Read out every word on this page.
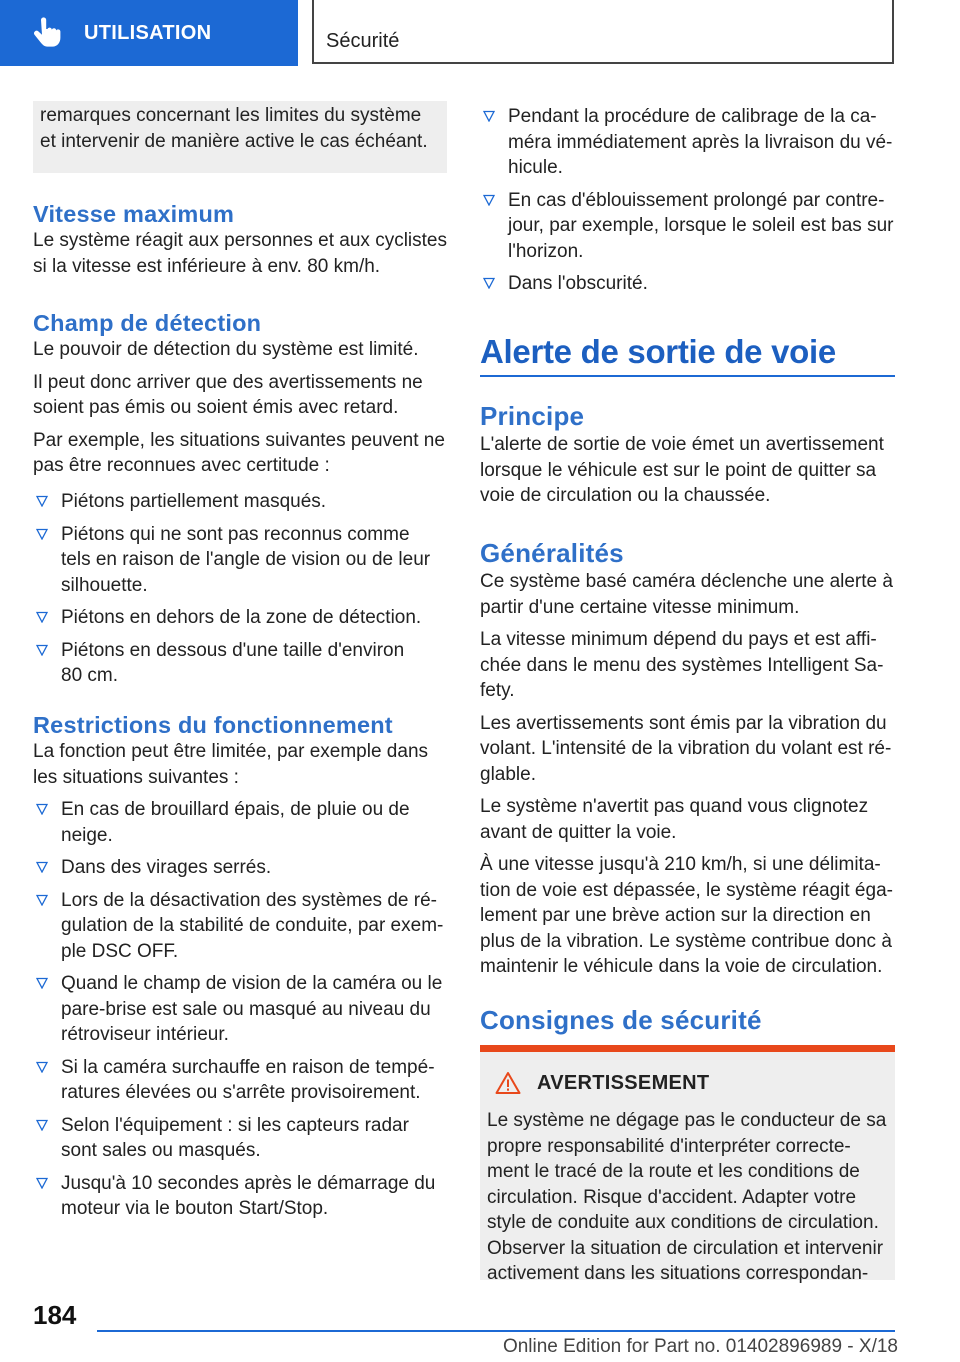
UTILISATION	Sécurité
remarques concernant les limites du système
et intervenir de manière active le cas échéant.
Vitesse maximum
Le système réagit aux personnes et aux cyclistes
si la vitesse est inférieure à env. 80 km/h.
Champ de détection
Le pouvoir de détection du système est limité.
Il peut donc arriver que des avertissements ne
soient pas émis ou soient émis avec retard.
Par exemple, les situations suivantes peuvent ne
pas être reconnues avec certitude :
Piétons partiellement masqués.
Piétons qui ne sont pas reconnus comme
tels en raison de l'angle de vision ou de leur
silhouette.
Piétons en dehors de la zone de détection.
Piétons en dessous d'une taille d'environ
80 cm.
Restrictions du fonctionnement
La fonction peut être limitée, par exemple dans
les situations suivantes :
En cas de brouillard épais, de pluie ou de
neige.
Dans des virages serrés.
Lors de la désactivation des systèmes de ré‐
gulation de la stabilité de conduite, par exem‐
ple DSC OFF.
Quand le champ de vision de la caméra ou le
pare-brise est sale ou masqué au niveau du
rétroviseur intérieur.
Si la caméra surchauffe en raison de tempé‐
ratures élevées ou s'arrête provisoirement.
Selon l'équipement : si les capteurs radar
sont sales ou masqués.
Jusqu'à 10 secondes après le démarrage du
moteur via le bouton Start/Stop.
Pendant la procédure de calibrage de la ca‐
méra immédiatement après la livraison du vé‐
hicule.
En cas d'éblouissement prolongé par contre-
jour, par exemple, lorsque le soleil est bas sur
l'horizon.
Dans l'obscurité.
Alerte de sortie de voie
Principe
L'alerte de sortie de voie émet un avertissement
lorsque le véhicule est sur le point de quitter sa
voie de circulation ou la chaussée.
Généralités
Ce système basé caméra déclenche une alerte à
partir d'une certaine vitesse minimum.
La vitesse minimum dépend du pays et est affi‐
chée dans le menu des systèmes Intelligent Sa‐
fety.
Les avertissements sont émis par la vibration du
volant. L'intensité de la vibration du volant est ré‐
glable.
Le système n'avertit pas quand vous clignotez
avant de quitter la voie.
À une vitesse jusqu'à 210 km/h, si une délimita‐
tion de voie est dépassée, le système réagit éga‐
lement par une brève action sur la direction en
plus de la vibration. Le système contribue donc à
maintenir le véhicule dans la voie de circulation.
Consignes de sécurité
AVERTISSEMENT
Le système ne dégage pas le conducteur de sa
propre responsabilité d'interpréter correcte‐
ment le tracé de la route et les conditions de
circulation. Risque d'accident. Adapter votre
style de conduite aux conditions de circulation.
Observer la situation de circulation et intervenir
activement dans les situations correspondan‐
184
Online Edition for Part no. 01402896989 - X/18
